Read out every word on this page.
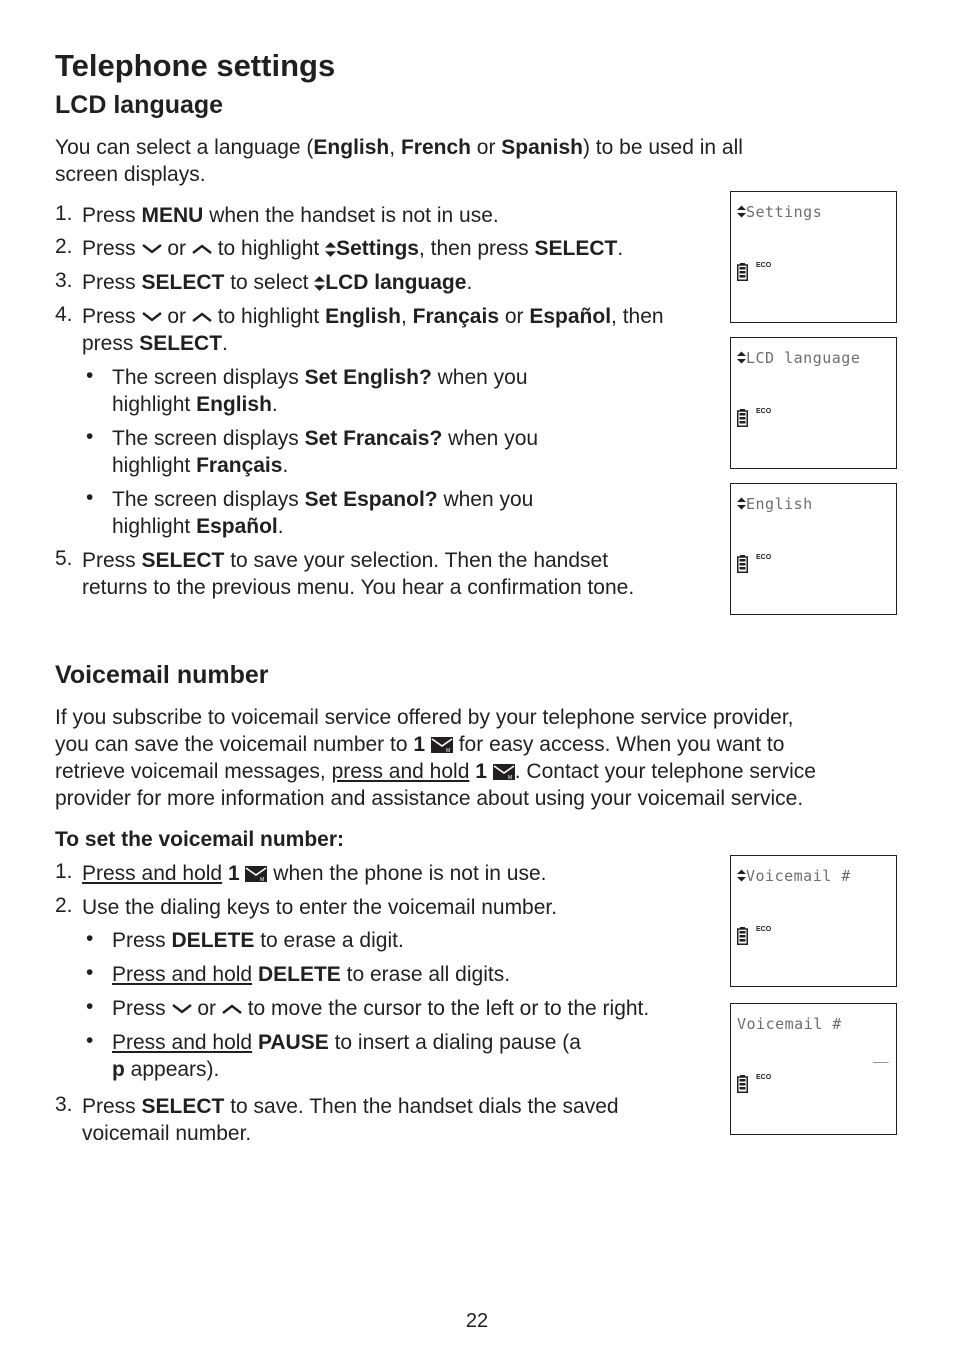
Telephone settings
LCD language
You can select a language (English, French or Spanish) to be used in all
screen displays.
1. Press MENU when the handset is not in use.
2. Press  or  to highlight Settings, then press SELECT.
3. Press SELECT to select LCD language.
4. Press  or  to highlight English, Français or Español, then
press SELECT.
• The screen displays Set English? when you
highlight English.
• The screen displays Set Francais? when you
highlight Français.
• The screen displays Set Espanol? when you
highlight Español.
5. Press SELECT to save your selection. Then the handset
returns to the previous menu. You hear a confirmation tone.
Settings
ECO
LCD language
ECO
English
ECO
Voicemail number
If you subscribe to voicemail service offered by your telephone service provider,
you can save the voicemail number to 1  for easy access. When you want to
retrieve voicemail messages, press and hold 1 . Contact your telephone service
provider for more information and assistance about using your voicemail service.
To set the voicemail number:
1. Press and hold 1  when the phone is not in use.
2. Use the dialing keys to enter the voicemail number.
• Press DELETE to erase a digit.
• Press and hold DELETE to erase all digits.
• Press  or  to move the cursor to the left or to the right.
• Press and hold PAUSE to insert a dialing pause (a
p appears).
3. Press SELECT to save. Then the handset dials the saved
voicemail number.
Voicemail #
ECO
Voicemail #
_____
ECO
22
